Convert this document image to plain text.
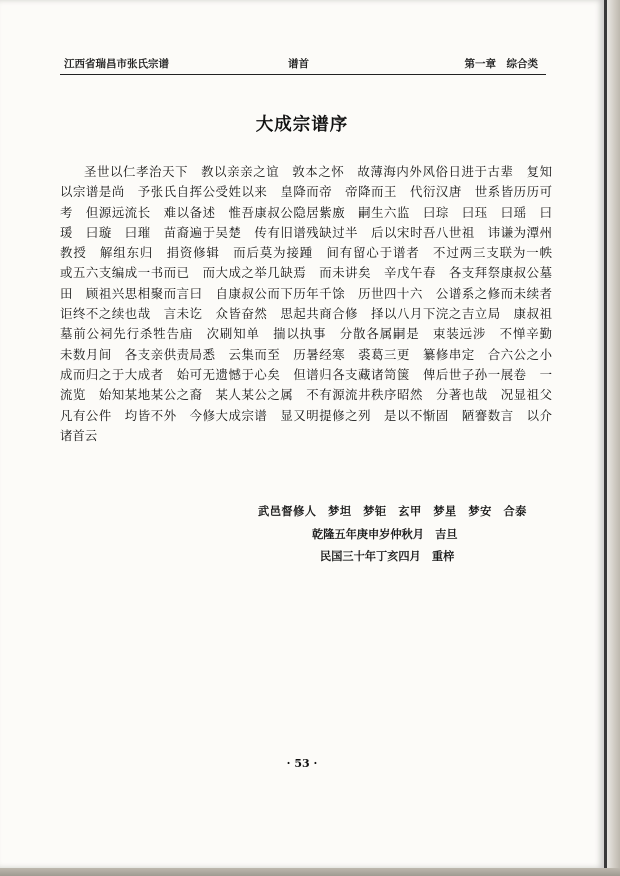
江西省瑞昌市张氏宗谱	谱首	第一章　综合类
大成宗谱序
圣世以仁孝治天下　教以亲亲之谊　敦本之怀　故薄海内外风俗日进于古辈　复知
以宗谱是尚　予张氏自挥公受姓以来　皇降而帝　帝降而王　代衍汉唐　世系皆历历可
考　但源远流长　难以备述　惟吾康叔公隐居紫廒　嗣生六监　曰琮　曰珏　曰瑶　曰
瑗　曰璇　曰璀　苗裔遍于吴楚　传有旧谱残缺过半　后以宋时吾八世祖　讳谦为潭州
教授　解组东归　捐资修辑　而后莫为接踵　间有留心于谱者　不过两三支联为一帙
或五六支编成一书而已　而大成之举几缺焉　而未讲矣　辛戊午春　各支拜祭康叔公墓
田　顾祖兴思相聚而言曰　自康叔公而下历年千馀　历世四十六　公谱系之修而未续者
讵终不之续也哉　言未讫　众皆奋然　思起共商合修　择以八月下浣之吉立局　康叔祖
墓前公祠先行杀牲告庙　次刷知单　揣以执事　分散各属嗣是　束装远涉　不惮辛勤
未数月间　各支亲供责局悉　云集而至　历暑经寒　裘葛三更　纂修串定　合六公之小
成而归之于大成者　始可无遗憾于心矣　但谱归各支藏诸笥箧　俾后世子孙一展卷　一
流览　始知某地某公之裔　某人某公之属　不有源流井秩序昭然　分著也哉　况显祖父
凡有公件　均皆不外　今修大成宗谱　显又明提修之列　是以不惭固　陋謇数言　以介
诸首云
武邑督修人　梦坦　梦钜　玄甲　梦星　梦安　合泰
乾隆五年庚申岁仲秋月　吉旦
民国三十年丁亥四月　重梓
· 53 ·
